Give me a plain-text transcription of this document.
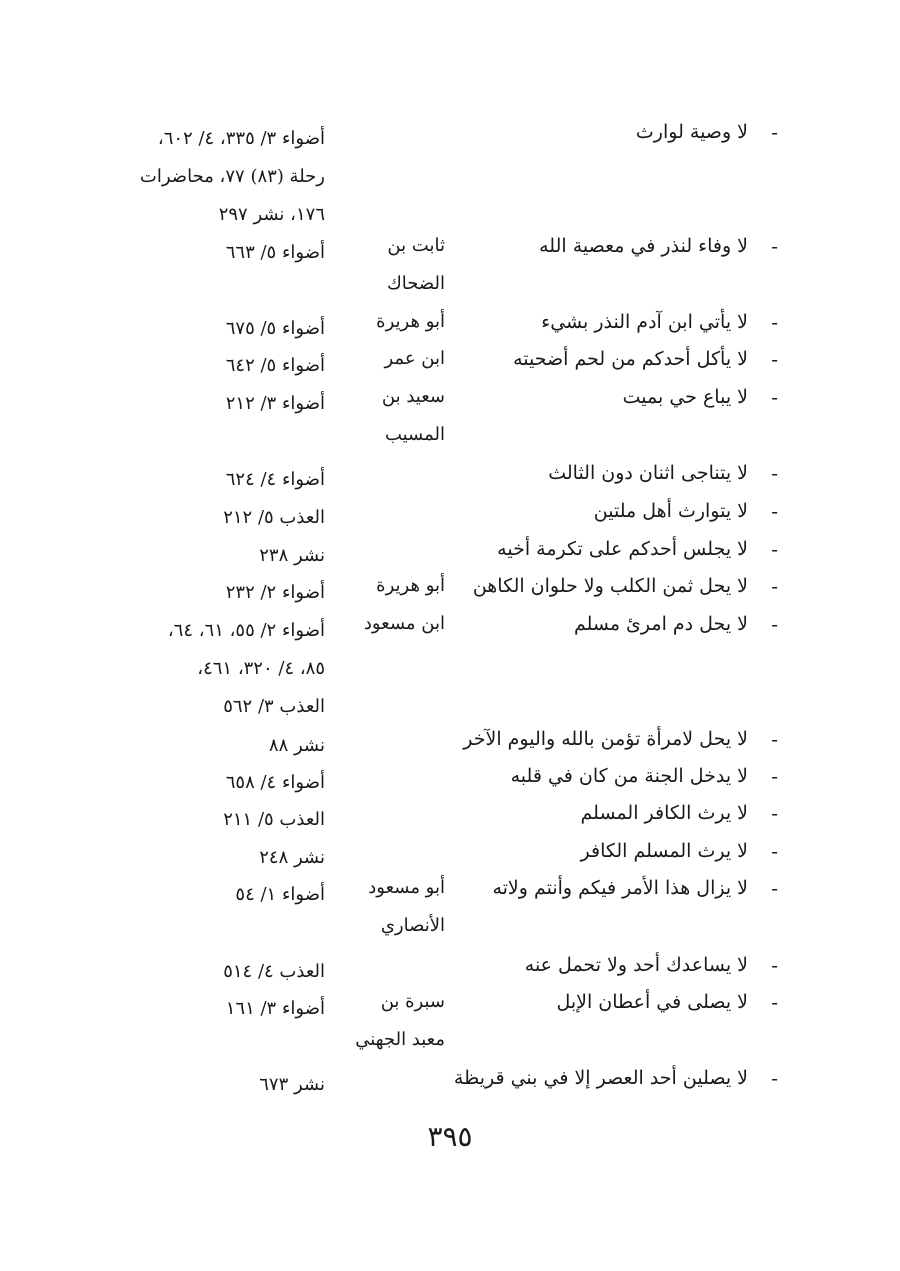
-
لا وصية لوارث
أضواء ٣/ ٣٣٥، ٤/ ٦٠٢،
رحلة (٨٣) ٧٧، محاضرات
١٧٦، نشر ٢٩٧
-
لا وفاء لنذر في معصية الله
ثابت بن
الضحاك
أضواء ٥/ ٦٦٣
-
لا يأتي ابن آدم النذر بشيء
أبو هريرة
أضواء ٥/ ٦٧٥
-
لا يأكل أحدكم من لحم أضحيته
ابن عمر
أضواء ٥/ ٦٤٢
-
لا يباع حي بميت
سعيد بن
المسيب
أضواء ٣/ ٢١٢
-
لا يتناجى اثنان دون الثالث
أضواء ٤/ ٦٢٤
-
لا يتوارث أهل ملتين
العذب ٥/ ٢١٢
-
لا يجلس أحدكم على تكرمة أخيه
نشر ٢٣٨
-
لا يحل ثمن الكلب ولا حلوان الكاهن
أبو هريرة
أضواء ٢/ ٢٣٢
-
لا يحل دم امرئ مسلم
ابن مسعود
أضواء ٢/ ٥٥، ٦١، ٦٤،
٨٥، ٤/ ٣٢٠، ٤٦١،
العذب ٣/ ٥٦٢
-
لا يحل لامرأة تؤمن بالله واليوم الآخر
نشر ٨٨
-
لا يدخل الجنة من كان في قلبه
أضواء ٤/ ٦٥٨
-
لا يرث الكافر المسلم
العذب ٥/ ٢١١
-
لا يرث المسلم الكافر
نشر ٢٤٨
-
لا يزال هذا الأمر فيكم وأنتم ولاته
أبو مسعود
الأنصاري
أضواء ١/ ٥٤
-
لا يساعدك أحد ولا تحمل عنه
العذب ٤/ ٥١٤
-
لا يصلى في أعطان الإبل
سبرة بن
معبد الجهني
أضواء ٣/ ١٦١
-
لا يصلين أحد العصر إلا في بني قريظة
نشر ٦٧٣
٣٩٥
